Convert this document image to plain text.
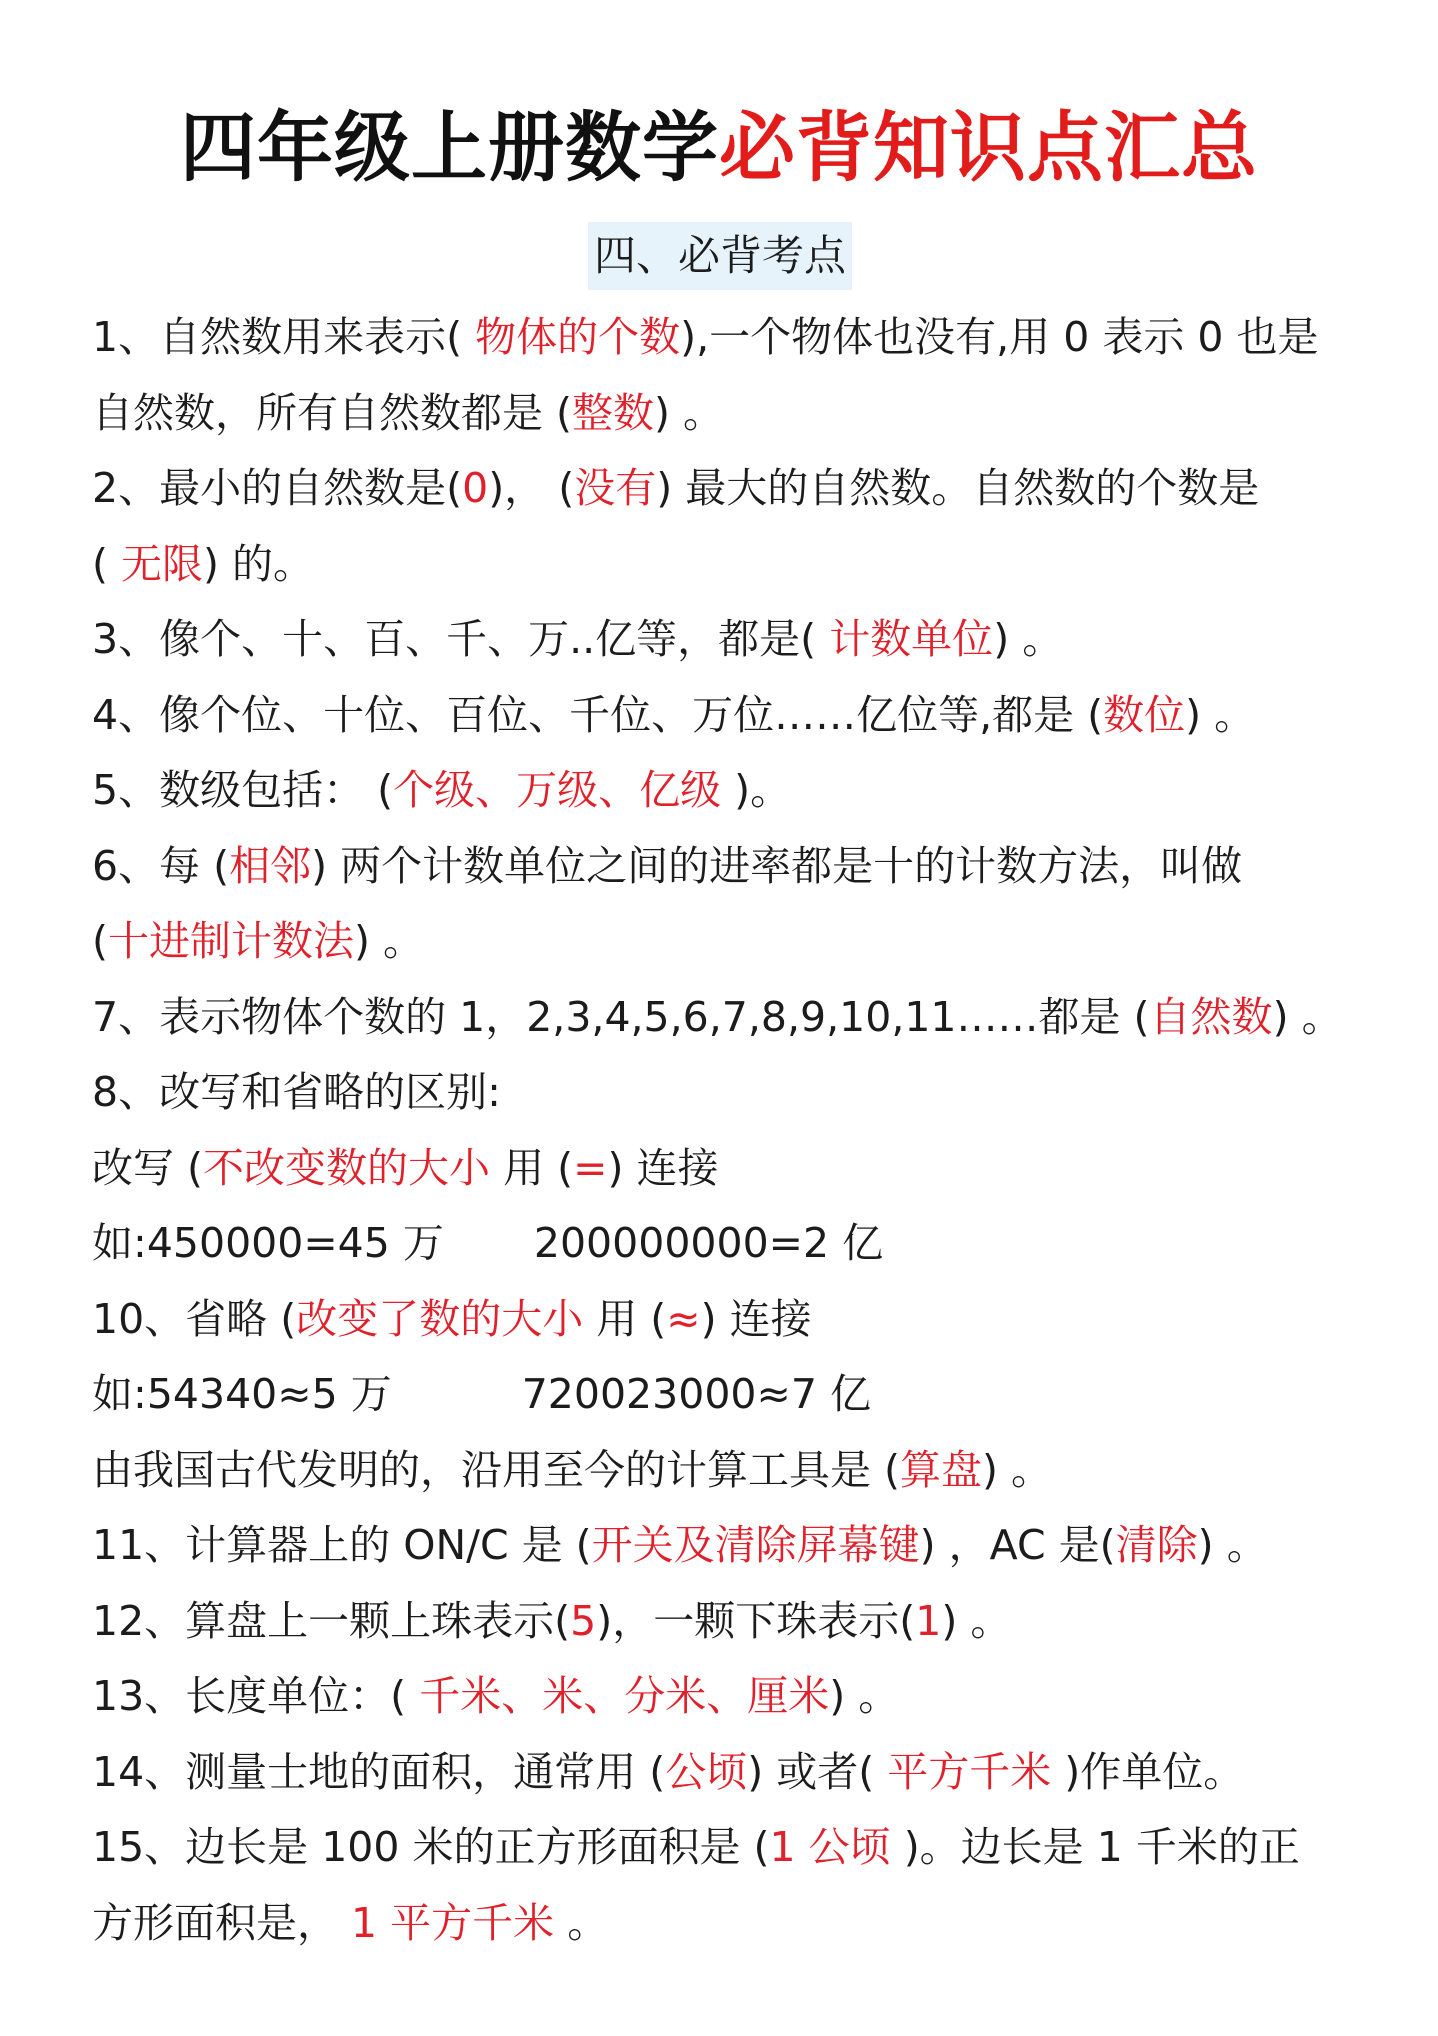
四年级上册数学必背知识点汇总
四、必背考点
1、自然数用来表示( 物体的个数),一个物体也没有,用 0 表示 0 也是
自然数，所有自然数都是 (整数) 。
2、最小的自然数是(0)， (没有) 最大的自然数。自然数的个数是
( 无限) 的。
3、像个、十、百、千、万..亿等，都是( 计数单位) 。
4、像个位、十位、百位、千位、万位……亿位等,都是 (数位) 。
5、数级包括： (个级、万级、亿级 )。
6、每 (相邻) 两个计数单位之间的进率都是十的计数方法，叫做
(十进制计数法) 。
7、表示物体个数的 1，2,3,4,5,6,7,8,9,10,11……都是 (自然数) 。
8、改写和省略的区别:
改写 (不改变数的大小 用 (=) 连接
如:450000=45 万 200000000=2 亿
10、省略 (改变了数的大小 用 (≈) 连接
如:54340≈5 万	720023000≈7 亿
由我国古代发明的，沿用至今的计算工具是 (算盘) 。
11、计算器上的 ON/C 是 (开关及清除屏幕键) ，AC 是(清除) 。
12、算盘上一颗上珠表示(5)，一颗下珠表示(1) 。
13、长度单位：( 千米、米、分米、厘米) 。
14、测量士地的面积，通常用 (公顷) 或者( 平方千米 )作单位。
15、边长是 100 米的正方形面积是 (1 公顷 )。边长是 1 千米的正
方形面积是， 1 平方千米 。
